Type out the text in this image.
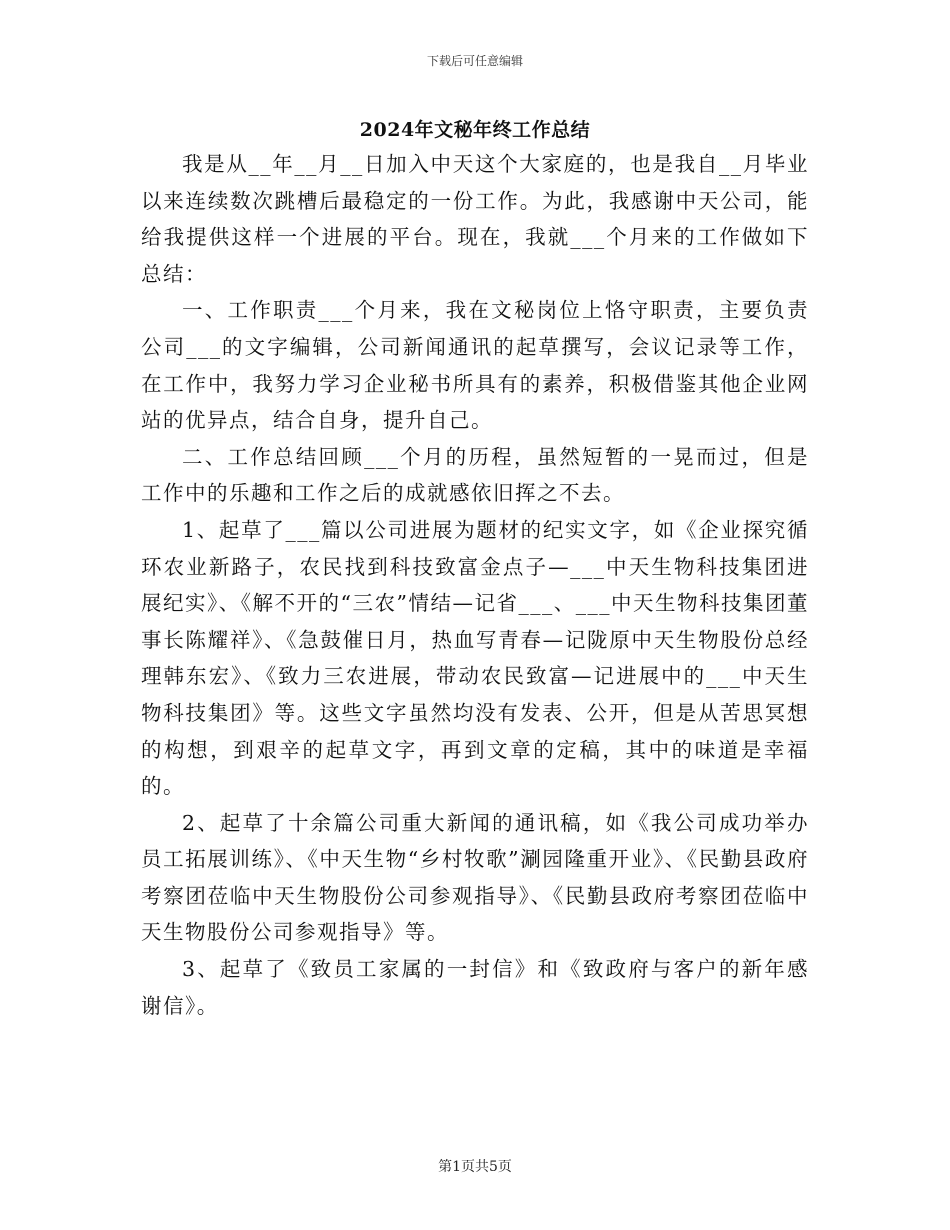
下载后可任意编辑
2024年文秘年终工作总结

我是从__年__月__日加入中天这个大家庭的，也是我自__月毕业以来连续数次跳槽后最稳定的一份工作。为此，我感谢中天公司，能给我提供这样一个进展的平台。现在，我就___个月来的工作做如下总结：

一、工作职责___个月来，我在文秘岗位上恪守职责，主要负责公司___的文字编辑，公司新闻通讯的起草撰写，会议记录等工作，在工作中，我努力学习企业秘书所具有的素养，积极借鉴其他企业网站的优异点，结合自身，提升自己。

二、工作总结回顾___个月的历程，虽然短暂的一晃而过，但是工作中的乐趣和工作之后的成就感依旧挥之不去。

1、起草了___篇以公司进展为题材的纪实文字，如《企业探究循环农业新路子，农民找到科技致富金点子—___中天生物科技集团进展纪实》、《解不开的“三农”情结—记省___、___中天生物科技集团董事长陈耀祥》、《急鼓催日月，热血写青春—记陇原中天生物股份总经理韩东宏》、《致力三农进展，带动农民致富—记进展中的___中天生物科技集团》等。这些文字虽然均没有发表、公开，但是从苦思冥想的构想，到艰辛的起草文字，再到文章的定稿，其中的味道是幸福的。

2、起草了十余篇公司重大新闻的通讯稿，如《我公司成功举办员工拓展训练》、《中天生物“乡村牧歌”涮园隆重开业》、《民勤县政府考察团莅临中天生物股份公司参观指导》、《民勤县政府考察团莅临中天生物股份公司参观指导》等。

3、起草了《致员工家属的一封信》和《致政府与客户的新年感谢信》。

第1页共5页
